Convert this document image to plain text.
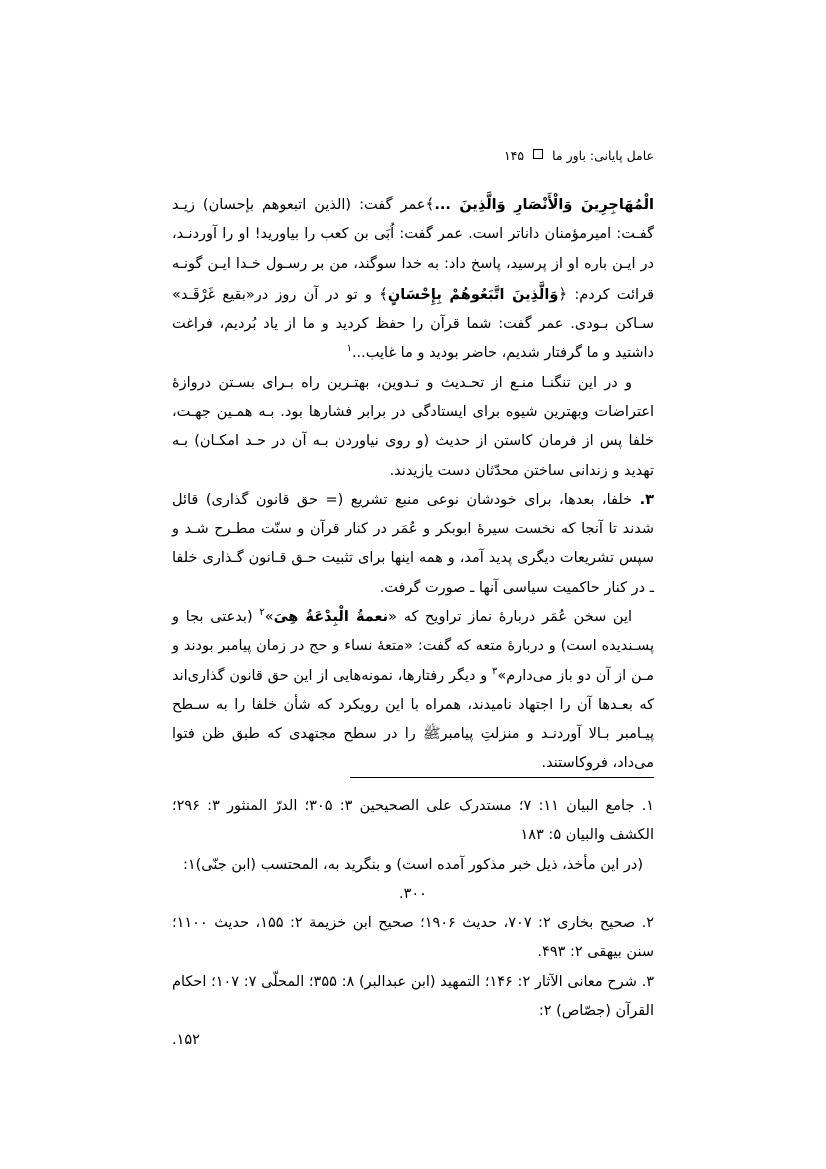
عامل پایانی: باور ما  ۱۴۵

الْمُهَاجِرِينَ وَالْأَنْصَارِ وَالَّذِينَ ...﴾عمر گفت: (الذين اتبعوهم بإحسان) زيـد گفـت: اميرمؤمنان داناتر است. عمر گفت: اُبَی بن کعب را بياوريد! او را آوردنـد، در ايـن باره او از پرسيد، پاسخ داد: به خدا سوگند، من بر رسـول خـدا ايـن گونـه قرائت کردم: ﴿وَالَّذِينَ اتَّبَعُوهُمْ بِإِحْسَانٍ﴾ و تو در آن روز در«بقيع غَرْقَـد» سـاکن بـودی. عمر گفت: شما قرآن را حفظ کرديد و ما از ياد بُرديم، فراغت داشتيد و ما گرفتار شديم، حاضر بوديد و ما غايب...$^۱$

و در اين تنگنـا منـع از تحـديث و تـدوين، بهتـرين راه بـرای بسـتن دروازۀ اعتراضات وبهترين شيوه برای ايستادگی در برابر فشارها بود. بـه همـين جهـت، خلفا پس از فرمان کاستن از حديث (و روی نياوردن بـه آن در حـد امکـان) بـه تهديد و زندانی ساختن محدّثان دست يازيدند.

۳. خلفا، بعدها، برای خودشان نوعی منبع تشريع (= حق قانون گذاری) قائل شدند تا آنجا که نخست سيرۀ ابوبکر و عُمَر در کنار قرآن و سنّت مطـرح شـد و سپس تشريعات ديگری پديد آمد، و همه اينها برای تثبيت حـق قـانون گـذاری خلفا ـ در کنار حاکميت سياسی آنها ـ صورت گرفت.

اين سخن عُمَر دربارۀ نماز تراويح که «نعمةُ الْبِدْعَةُ هِیَ»$^۲$ (بدعتی بجا و پسـنديده است) و دربارۀ متعه که گفت: «متعۀ نساء و حج در زمان پيامبر بودند و مـن از آن دو باز می‌دارم»$^۳$ و ديگر رفتارها، نمونه‌هايی از اين حق قانون گذاری‌اند که بعـدها آن را اجتهاد ناميدند، همراه با اين رويکرد که شأن خلفا را به سـطح پيـامبر بـالا آوردنـد و منزلتِ پيامبرﷺ را در سطح مجتهدی که طبق ظن فتوا می‌داد، فروکاستند.

۱. جامع البيان ۱۱: ۷؛ مستدرک علی الصحيحين ۳: ۳۰۵؛ الدرّ المنثور ۳: ۲۹۶؛ الکشف والبيان ۵: ۱۸۳

(در اين مأخذ، ذيل خبر مذکور آمده است) و بنگريد به، المحتسب (ابن جنّی)۱: ۳۰۰.

۲. صحيح بخاری ۲: ۷۰۷، حديث ۱۹۰۶؛ صحيح ابن خزيمة ۲: ۱۵۵، حديث ۱۱۰۰؛ سنن بيهقی ۲: ۴۹۳.

۳. شرح معانی الآثار ۲: ۱۴۶؛ التمهيد (ابن عبدالبر) ۸: ۳۵۵؛ المحلّی ۷: ۱۰۷؛ احکام القرآن (جصّاص) ۲:

۱۵۲.
